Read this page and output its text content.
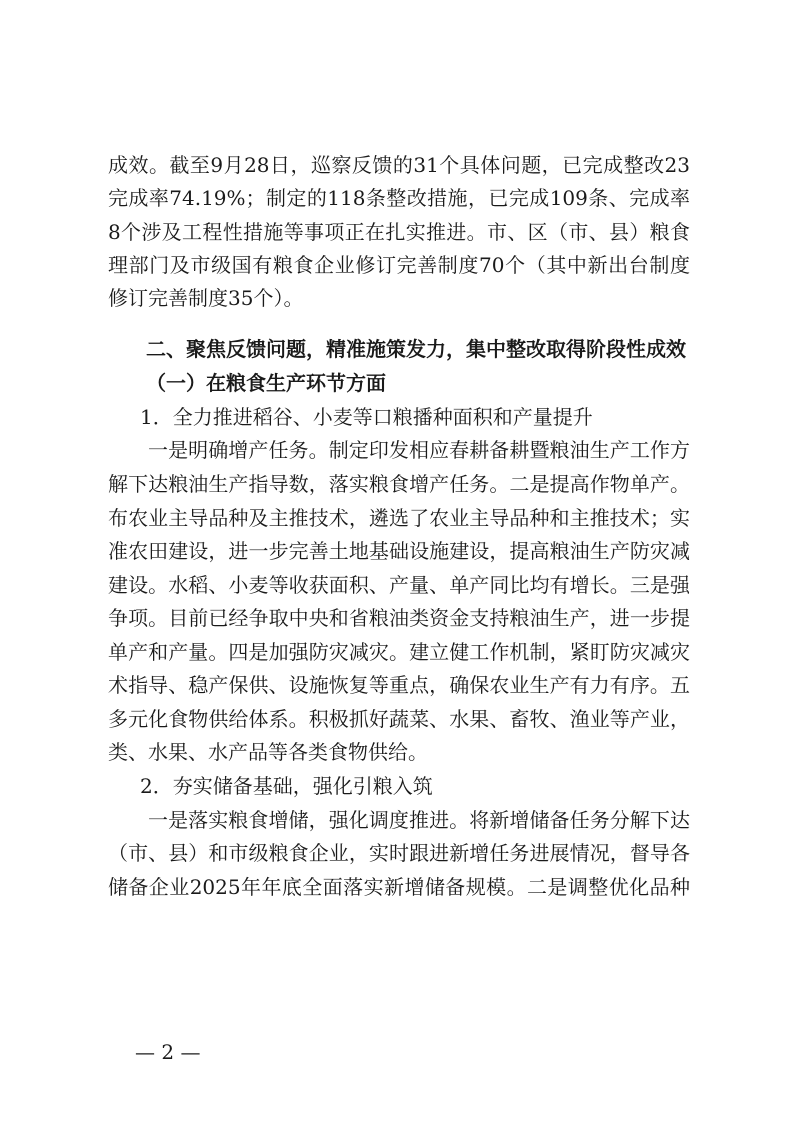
成效。截至9月28日，巡察反馈的31个具体问题，已完成整改23
完成率74.19%；制定的118条整改措施，已完成109条、完成率
8个涉及工程性措施等事项正在扎实推进。市、区（市、县）粮食
理部门及市级国有粮食企业修订完善制度70个（其中新出台制度
修订完善制度35个）。
二、聚焦反馈问题，精准施策发力，集中整改取得阶段性成效
（一）在粮食生产环节方面
1．全力推进稻谷、小麦等口粮播种面积和产量提升
一是明确增产任务。制定印发相应春耕备耕暨粮油生产工作方
解下达粮油生产指导数，落实粮食增产任务。二是提高作物单产。
布农业主导品种及主推技术，遴选了农业主导品种和主推技术；实
准农田建设，进一步完善土地基础设施建设，提高粮油生产防灾减
建设。水稻、小麦等收获面积、产量、单产同比均有增长。三是强
争项。目前已经争取中央和省粮油类资金支持粮油生产，进一步提
单产和产量。四是加强防灾减灾。建立健工作机制，紧盯防灾减灾
术指导、稳产保供、设施恢复等重点，确保农业生产有力有序。五
多元化食物供给体系。积极抓好蔬菜、水果、畜牧、渔业等产业，
类、水果、水产品等各类食物供给。
2．夯实储备基础，强化引粮入筑
一是落实粮食增储，强化调度推进。将新增储备任务分解下达
（市、县）和市级粮食企业，实时跟进新增任务进展情况，督导各
储备企业2025年年底全面落实新增储备规模。二是调整优化品种
— 2 —
